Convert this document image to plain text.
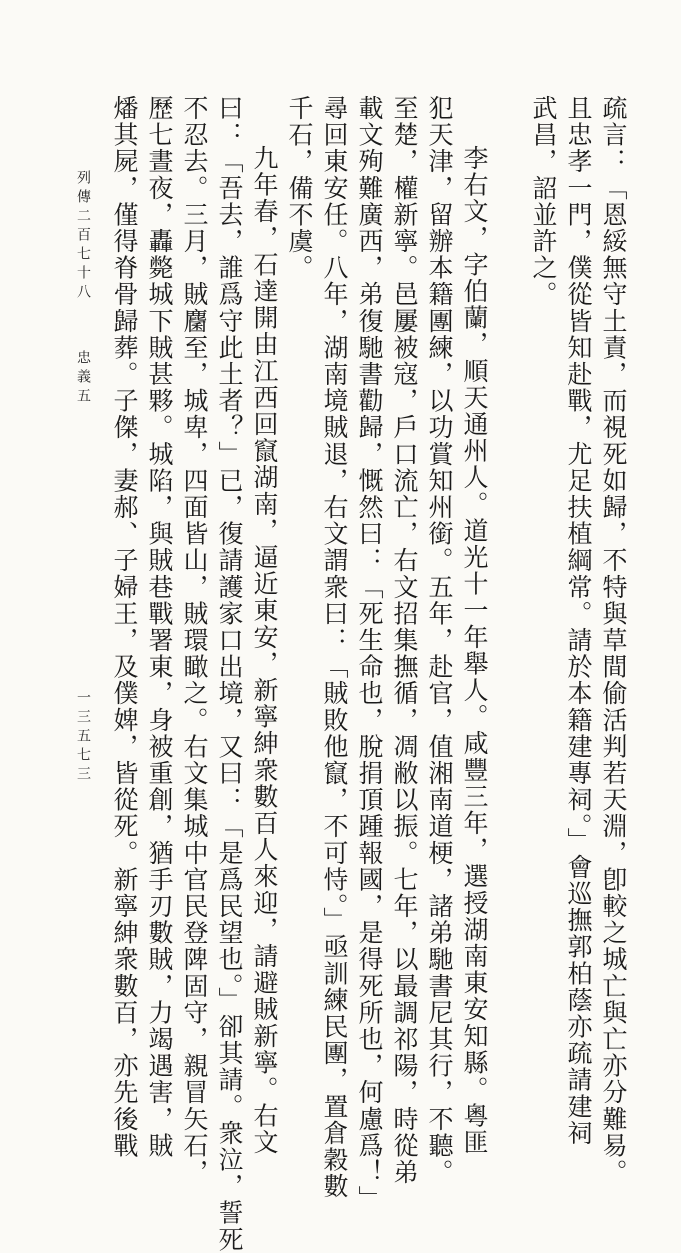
疏言：「恩綏無守土責，而視死如歸，不特與草間偷活判若天淵，卽較之城亡與亡亦分難易。
且忠孝一門，僕從皆知赴戰，尤足扶植綱常。請於本籍建專祠。」會巡撫郭柏蔭亦疏請建祠
武昌，詔並許之。
李右文，字伯蘭，順天通州人。道光十一年舉人。咸豐三年，選授湖南東安知縣。粵匪
犯天津，留辦本籍團練，以功賞知州銜。五年，赴官，值湘南道梗，諸弟馳書尼其行，不聽。
至楚，權新寧。邑屢被寇，戶口流亡，右文招集撫循，凋敝以振。七年，以最調祁陽，時從弟
載文殉難廣西，弟復馳書勸歸，慨然曰：「死生命也，脫捐頂踵報國，是得死所也，何慮爲！」
尋回東安任。八年，湖南境賊退，右文謂衆曰：「賊敗他竄，不可恃。」亟訓練民團，置倉穀數
千石，備不虞。
九年春，石達開由江西回竄湖南，逼近東安，新寧紳衆數百人來迎，請避賊新寧。右文
曰：「吾去，誰爲守此土者？」已，復請護家口出境，又曰：「是爲民望也。」卻其請。衆泣，誓死
不忍去。三月，賊麕至，城卑，四面皆山，賊環瞰之。右文集城中官民登陴固守，親冒矢石，
歷七晝夜，轟斃城下賊甚夥。城陷，與賊巷戰署東，身被重創，猶手刃數賊，力竭遇害，賊
燔其屍，僅得脊骨歸葬。子傑，妻郝、子婦王，及僕婢，皆從死。新寧紳衆數百，亦先後戰
列傳二百七十八
忠義五
一三五七三
